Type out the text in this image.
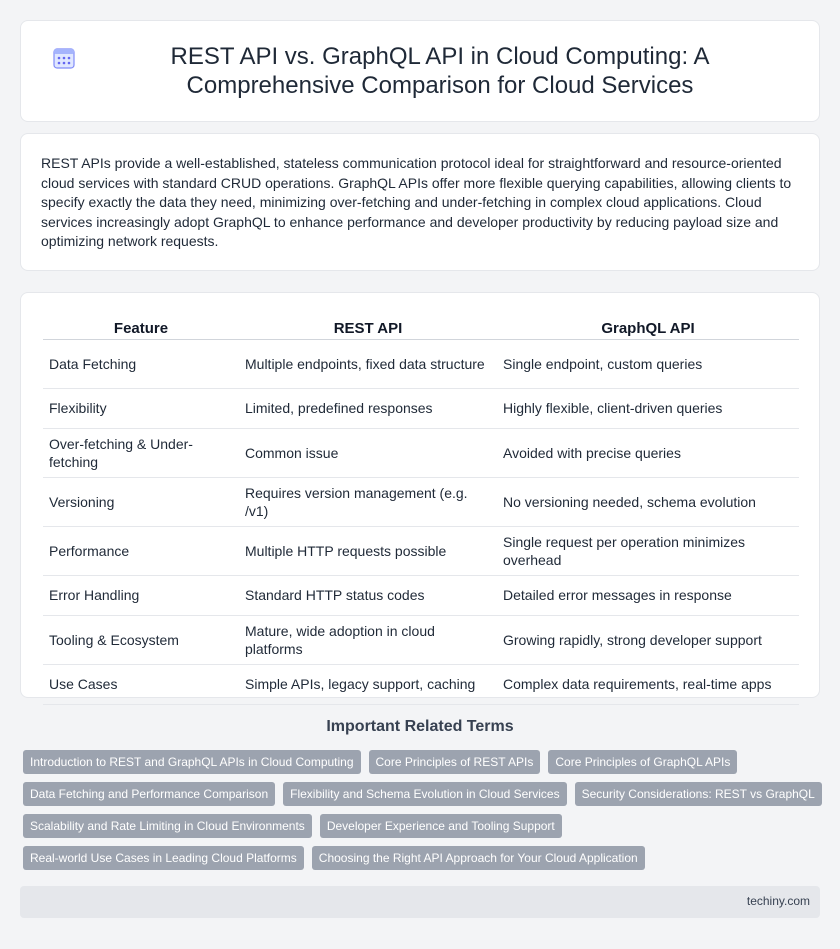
REST API vs. GraphQL API in Cloud Computing: A Comprehensive Comparison for Cloud Services

REST APIs provide a well-established, stateless communication protocol ideal for straightforward and resource-oriented cloud services with standard CRUD operations. GraphQL APIs offer more flexible querying capabilities, allowing clients to specify exactly the data they need, minimizing over-fetching and under-fetching in complex cloud applications. Cloud services increasingly adopt GraphQL to enhance performance and developer productivity by reducing payload size and optimizing network requests.

Feature	REST API	GraphQL API
Data Fetching	Multiple endpoints, fixed data structure	Single endpoint, custom queries
Flexibility	Limited, predefined responses	Highly flexible, client-driven queries
Over-fetching & Under-fetching	Common issue	Avoided with precise queries
Versioning	Requires version management (e.g. /v1)	No versioning needed, schema evolution
Performance	Multiple HTTP requests possible	Single request per operation minimizes overhead
Error Handling	Standard HTTP status codes	Detailed error messages in response
Tooling & Ecosystem	Mature, wide adoption in cloud platforms	Growing rapidly, strong developer support
Use Cases	Simple APIs, legacy support, caching	Complex data requirements, real-time apps
Important Related Terms
Introduction to REST and GraphQL APIs in Cloud Computing	Core Principles of REST APIs	Core Principles of GraphQL APIs
Data Fetching and Performance Comparison	Flexibility and Schema Evolution in Cloud Services	Security Considerations: REST vs GraphQL
Scalability and Rate Limiting in Cloud Environments	Developer Experience and Tooling Support
Real-world Use Cases in Leading Cloud Platforms	Choosing the Right API Approach for Your Cloud Application
techiny.com
